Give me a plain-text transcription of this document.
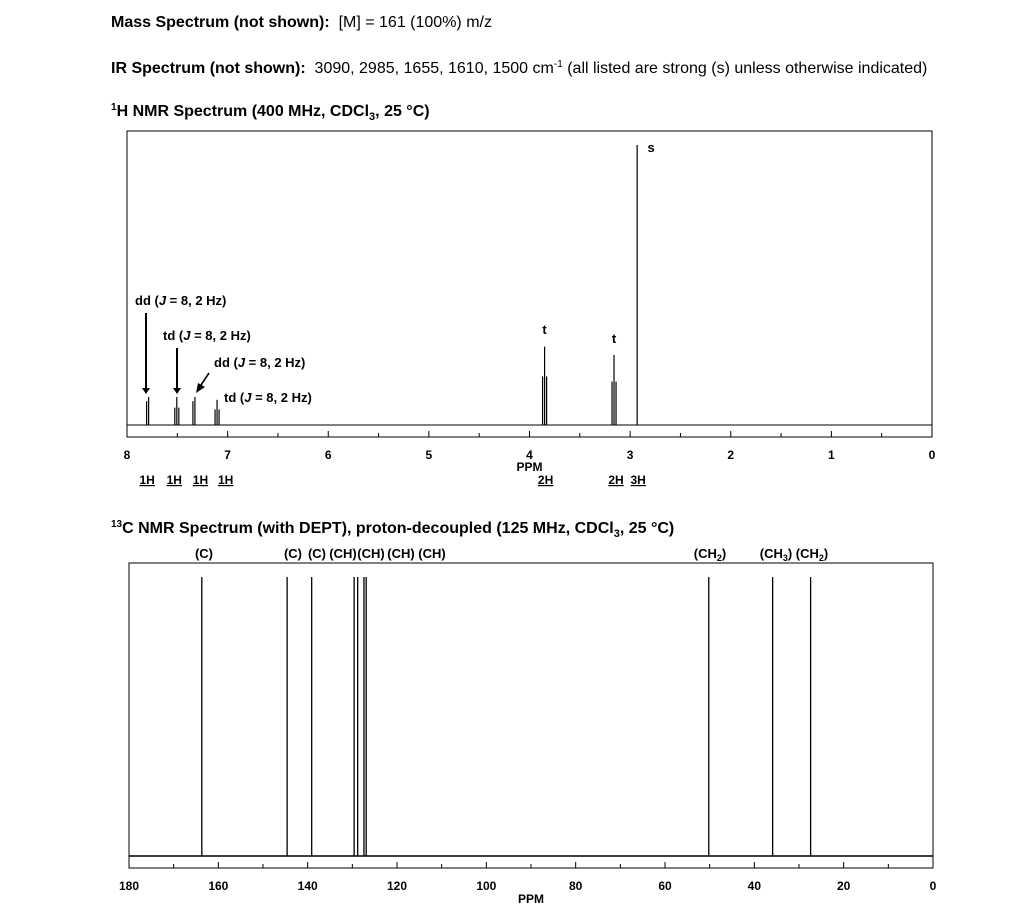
Mass Spectrum (not shown): [M] = 161 (100%) m/z
IR Spectrum (not shown): 3090, 2985, 1655, 1610, 1500 $cm^{-1}$ (all listed are strong (s) unless otherwise indicated)
$^1$H NMR Spectrum (400 MHz, CDCl3, 25 °C)
$^{13}$C NMR Spectrum (with DEPT), proton-decoupled (125 MHz, CDCl3, 25 °C)
8	7	6	5	4	3	2	1	0
PPM
dd (J = 8, 2 Hz)
td (J = 8, 2 Hz)
dd (J = 8, 2 Hz)
td (J = 8, 2 Hz)
t
t
s
1H 1H 1H 1H	2H	2H 3H
180	160	140	120	100	80	60	40	20	0
PPM
(C)	(C) (C) (CH) (CH) (CH) (CH)	$(CH_2)$	$(CH_3)$ $(CH_2)$
